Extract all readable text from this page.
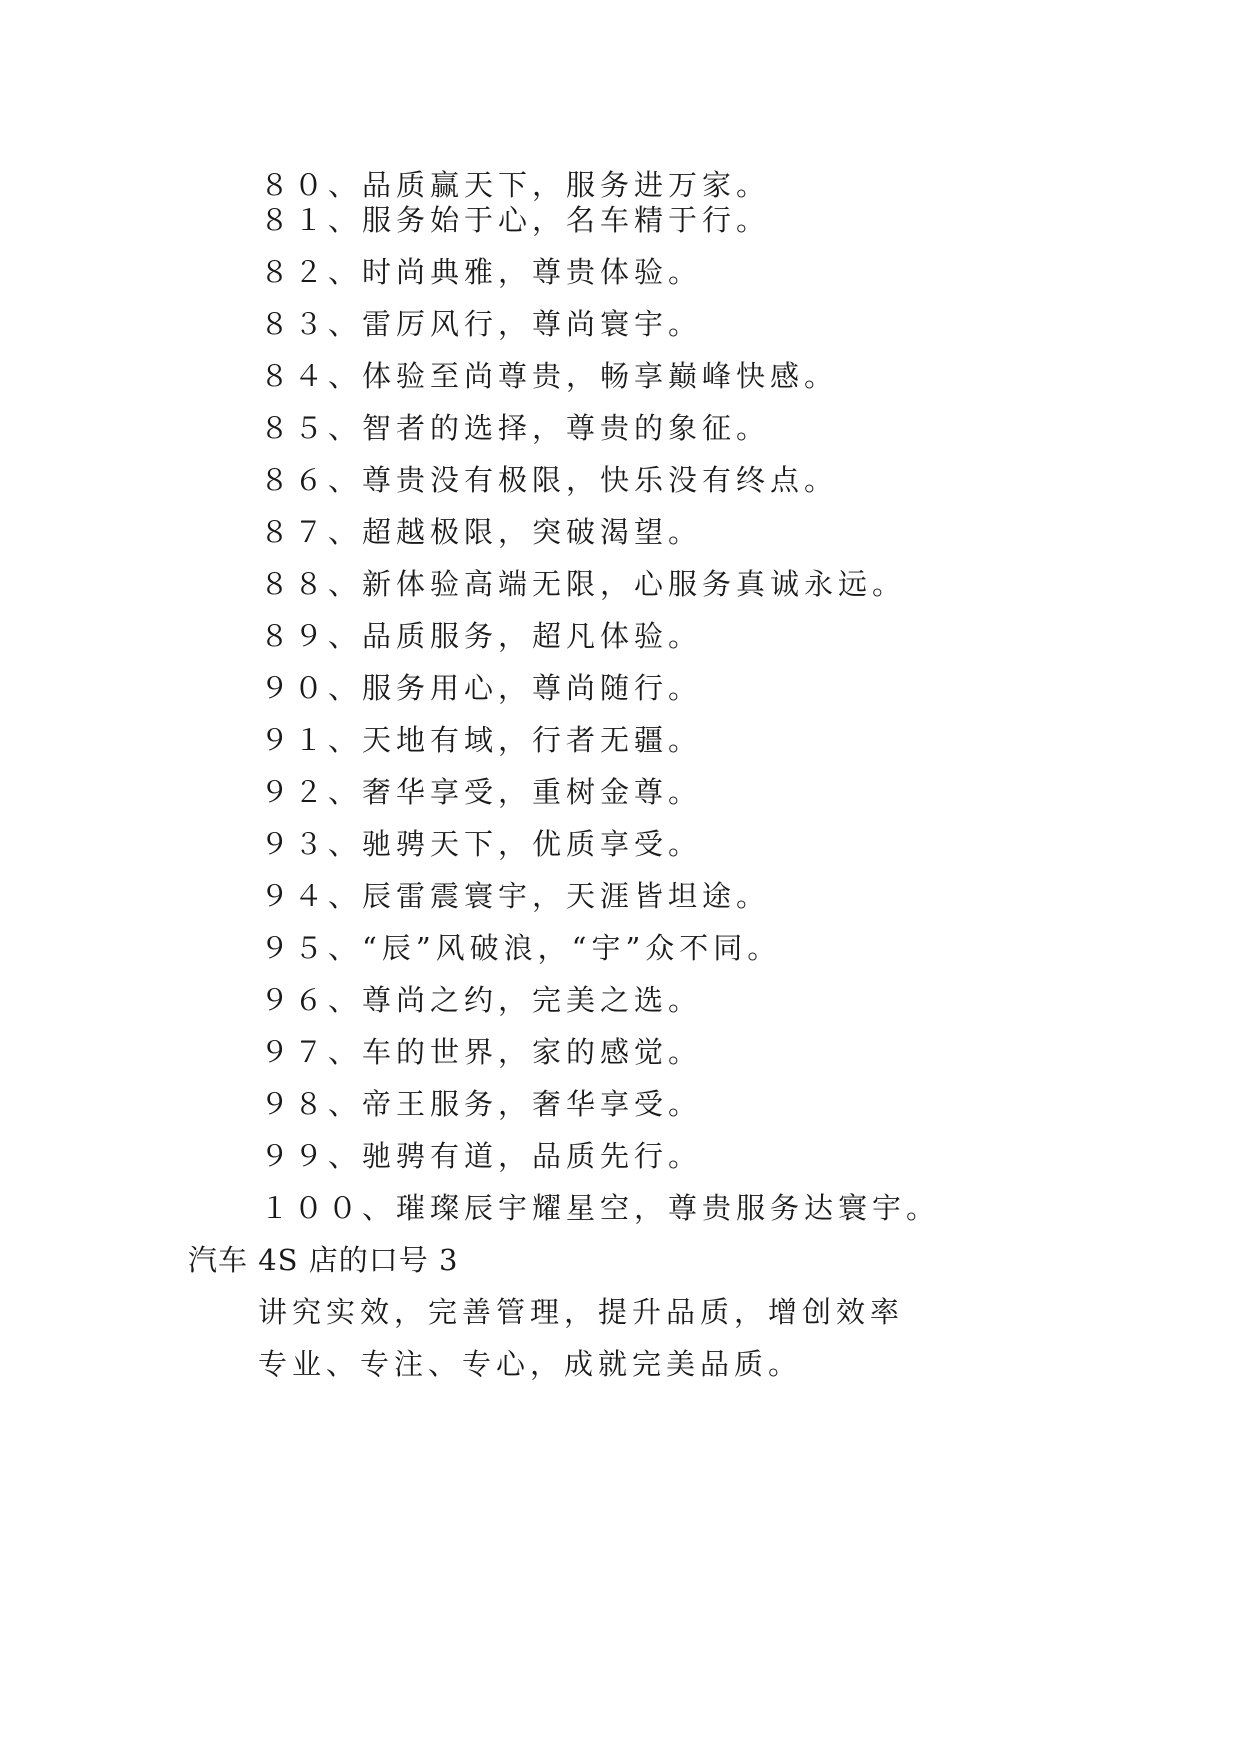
８０、品质赢天下，服务进万家。
８１、服务始于心，名车精于行。
８２、时尚典雅，尊贵体验。
８３、雷厉风行，尊尚寰宇。
８４、体验至尚尊贵，畅享巅峰快感。
８５、智者的选择，尊贵的象征。
８６、尊贵没有极限，快乐没有终点。
８７、超越极限，突破渴望。
８８、新体验高端无限，心服务真诚永远。
８９、品质服务，超凡体验。
９０、服务用心，尊尚随行。
９１、天地有域，行者无疆。
９２、奢华享受，重树金尊。
９３、驰骋天下，优质享受。
９４、辰雷震寰宇，天涯皆坦途。
９５、“辰”风破浪，“宇”众不同。
９６、尊尚之约，完美之选。
９７、车的世界，家的感觉。
９８、帝王服务，奢华享受。
９９、驰骋有道，品质先行。
１００、璀璨辰宇耀星空，尊贵服务达寰宇。
汽车 4S 店的口号 3
讲究实效，完善管理，提升品质，增创效率
专业、专注、专心，成就完美品质。
